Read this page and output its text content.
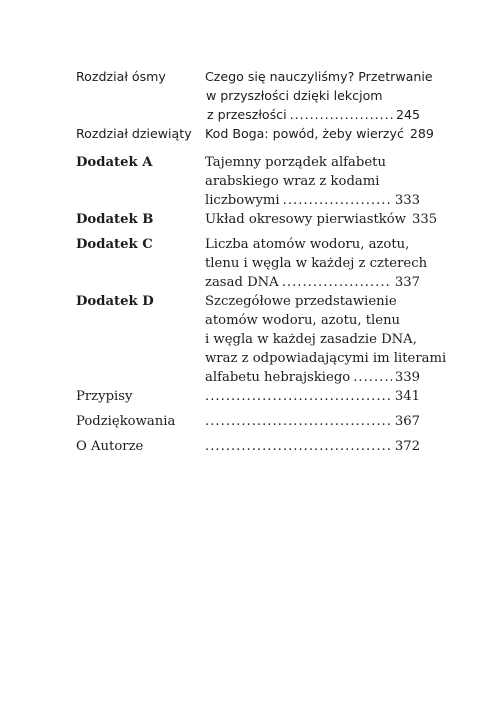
Rozdział ósmy	Czego się nauczyliśmy? Przetrwanie
w przyszłości dzięki lekcjom
z przeszłości .....	245
Rozdział dziewiąty Kod Boga: powód, żeby wierzyć 289
Dodatek A	Tajemny porządek alfabetu
arabskiego wraz z kodami
liczbowymi .....	333
Dodatek B	Układ okresowy pierwiastków 335
Dodatek C	Liczba atomów wodoru, azotu,
tlenu i węgla w każdej z czterech
zasad DNA .....	337
Dodatek D	Szczegółowe przedstawienie
atomów wodoru, azotu, tlenu
i węgla w każdej zasadzie DNA,
wraz z odpowiadającymi im literami
alfabetu hebrajskiego .....	339
Przypisy .....	341
Podziękowania .....	367
O Autorze .....	372
